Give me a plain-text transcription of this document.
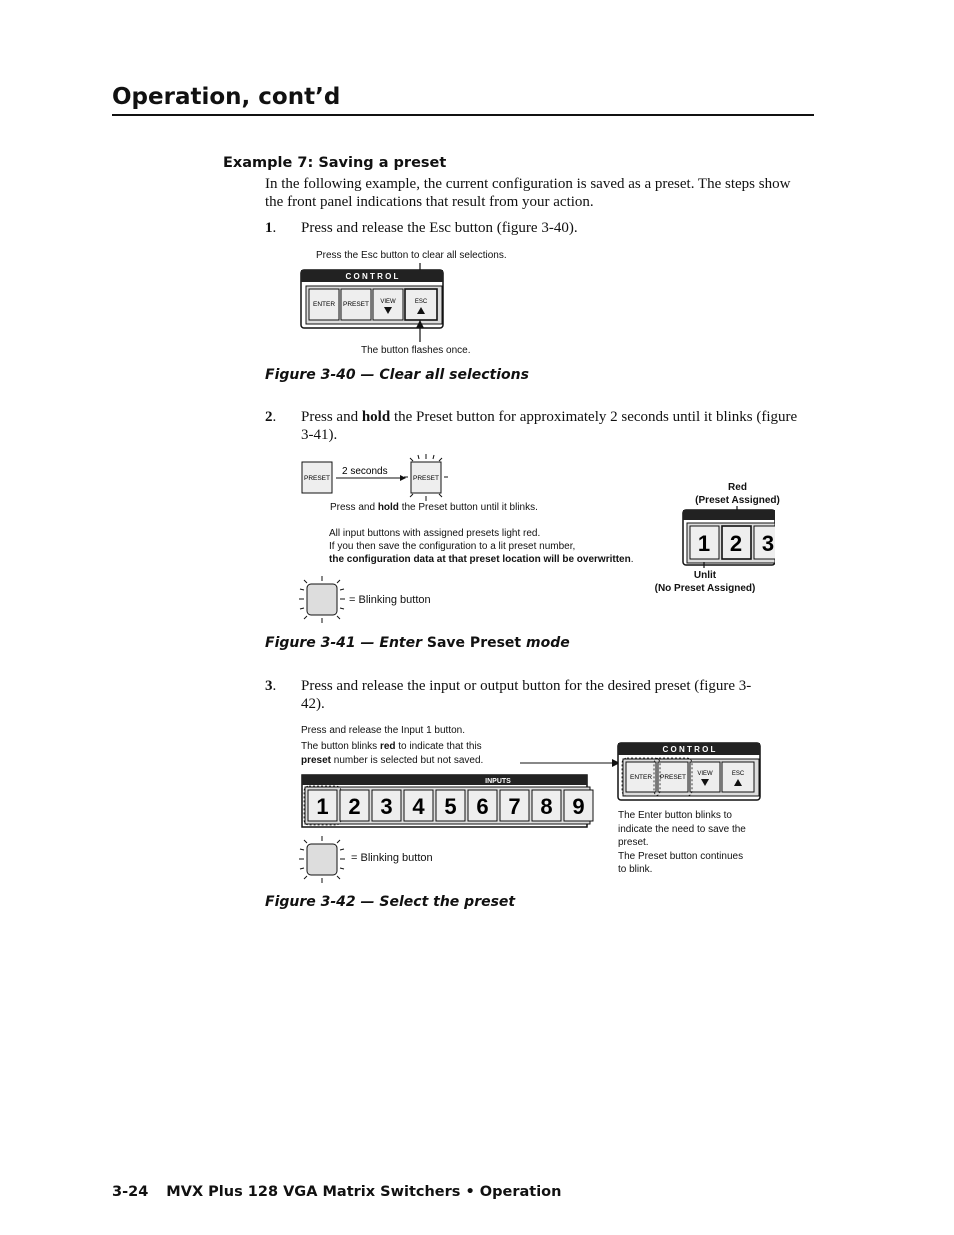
Operation, cont’d
Example 7: Saving a preset
In the following example, the current configuration is saved as a preset. The steps show the front panel indications that result from your action.
1. Press and release the Esc button (figure 3-40).
Press the Esc button to clear all selections.
C O N T R O L
ENTER PRESET VIEW	ESC
The button flashes once.
Figure 3-40 — Clear all selections
2. Press and hold the Preset button for approximately 2 seconds until it blinks (figure 3-41).
PRESET
2 seconds
PRESET
Press and hold the Preset button until it blinks.
All input buttons with assigned presets light red.
If you then save the configuration to a lit preset number,
the configuration data at that preset location will be overwritten.
= Blinking button
Red
(Preset Assigned)
1 2 3
Unlit
(No Preset Assigned)
Figure 3-41 — Enter Save Preset mode
3. Press and release the input or output button for the desired preset (figure 3-42).
Press and release the Input 1 button.
The button blinks red to indicate that this
preset number is selected but not saved.
INPUTS
1 2 3 4 5 6 7 8 9
C O N T R O L
ENTER PRESET VIEW	ESC
= Blinking button
The Enter button blinks to
indicate the need to save the
preset.
The Preset button continues
to blink.
Figure 3-42 — Select the preset
3-24 MVX Plus 128 VGA Matrix Switchers • Operation
